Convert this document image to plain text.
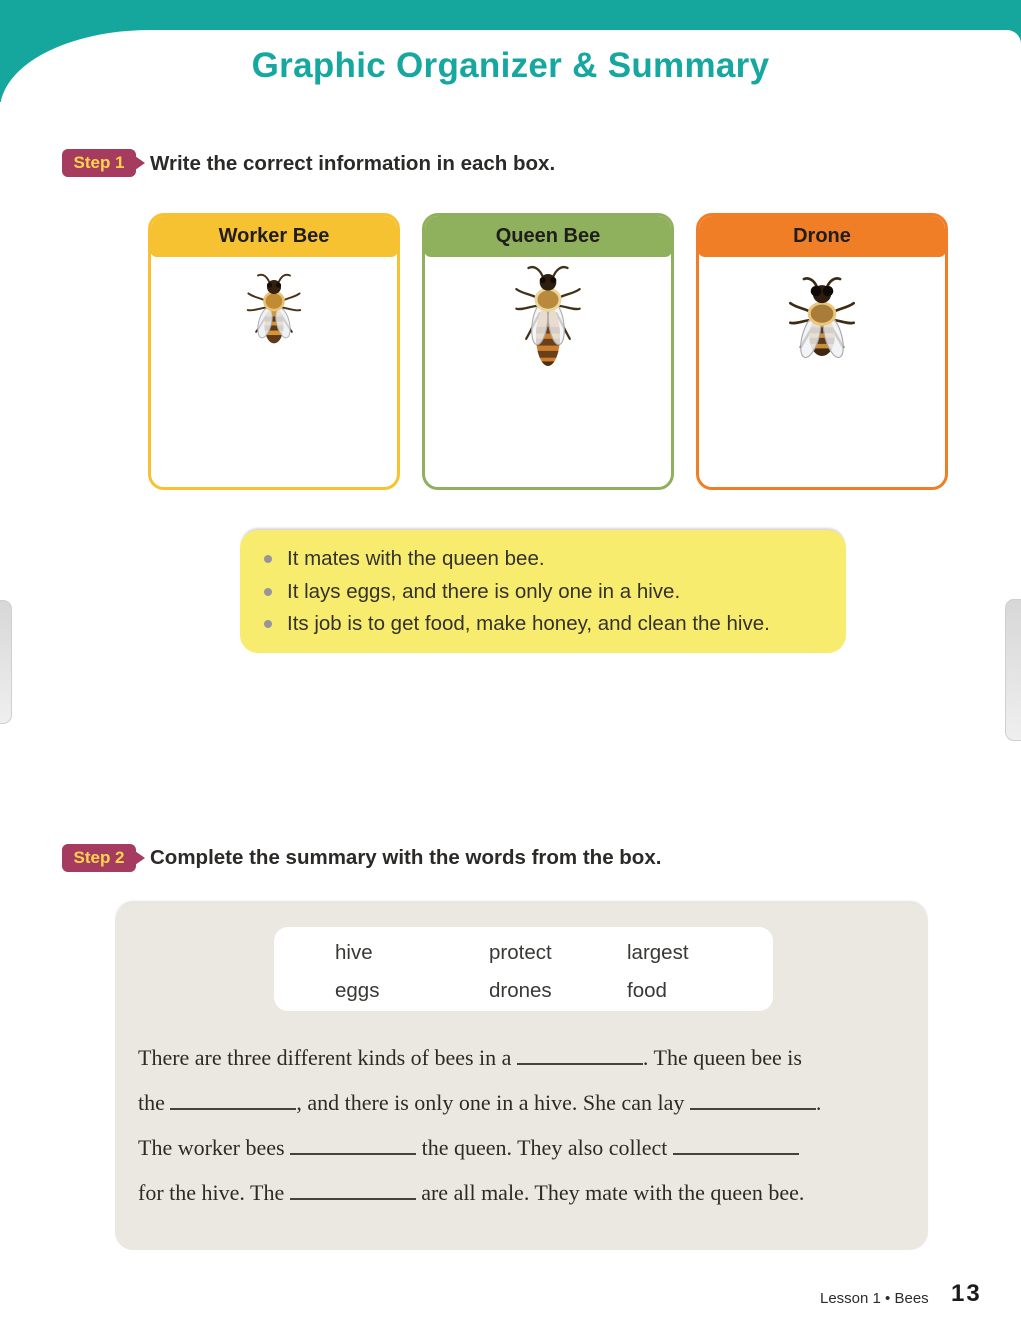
Graphic Organizer & Summary
Step 1	Write the correct information in each box.

Worker Bee	Queen Bee	Drone
It mates with the queen bee.
It lays eggs, and there is only one in a hive.
Its job is to get food, make honey, and clean the hive.
Step 2	Complete the summary with the words from the box.

hive	protect	largest
eggs	drones	food
There are three different kinds of bees in a	. The queen bee is
the	, and there is only one in a hive. She can lay	.
The worker bees	the queen. They also collect
for the hive. The	are all male. They mate with the queen bee.
Lesson 1 • Bees 13
